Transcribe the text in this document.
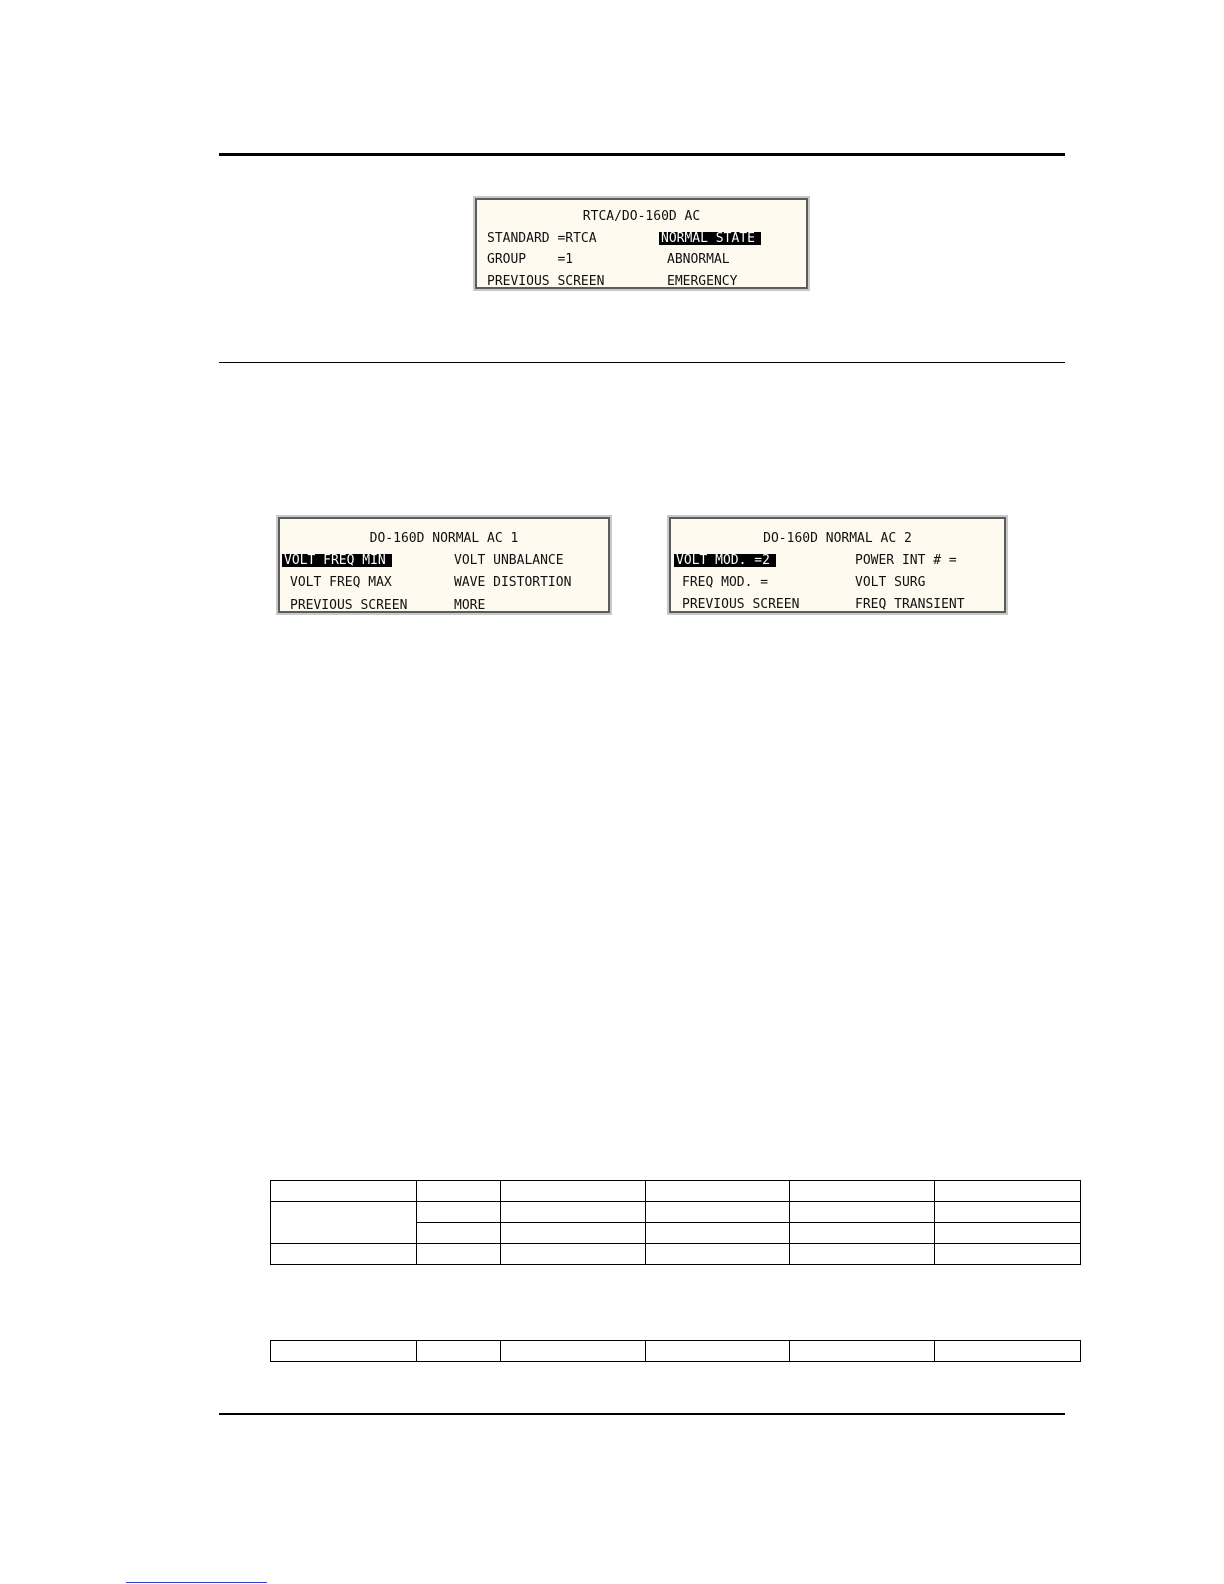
RTCA/DO-160D AC
STANDARD =RTCA	NORMAL STATE
GROUP    =1	ABNORMAL
PREVIOUS SCREEN	EMERGENCY
DO-160D NORMAL AC 1
VOLT FREQ MIN	VOLT UNBALANCE
VOLT FREQ MAX	WAVE DISTORTION
PREVIOUS SCREEN	MORE
DO-160D NORMAL AC 2
VOLT MOD. =2	POWER INT # =
FREQ MOD. =	VOLT SURG
PREVIOUS SCREEN	FREQ TRANSIENT
